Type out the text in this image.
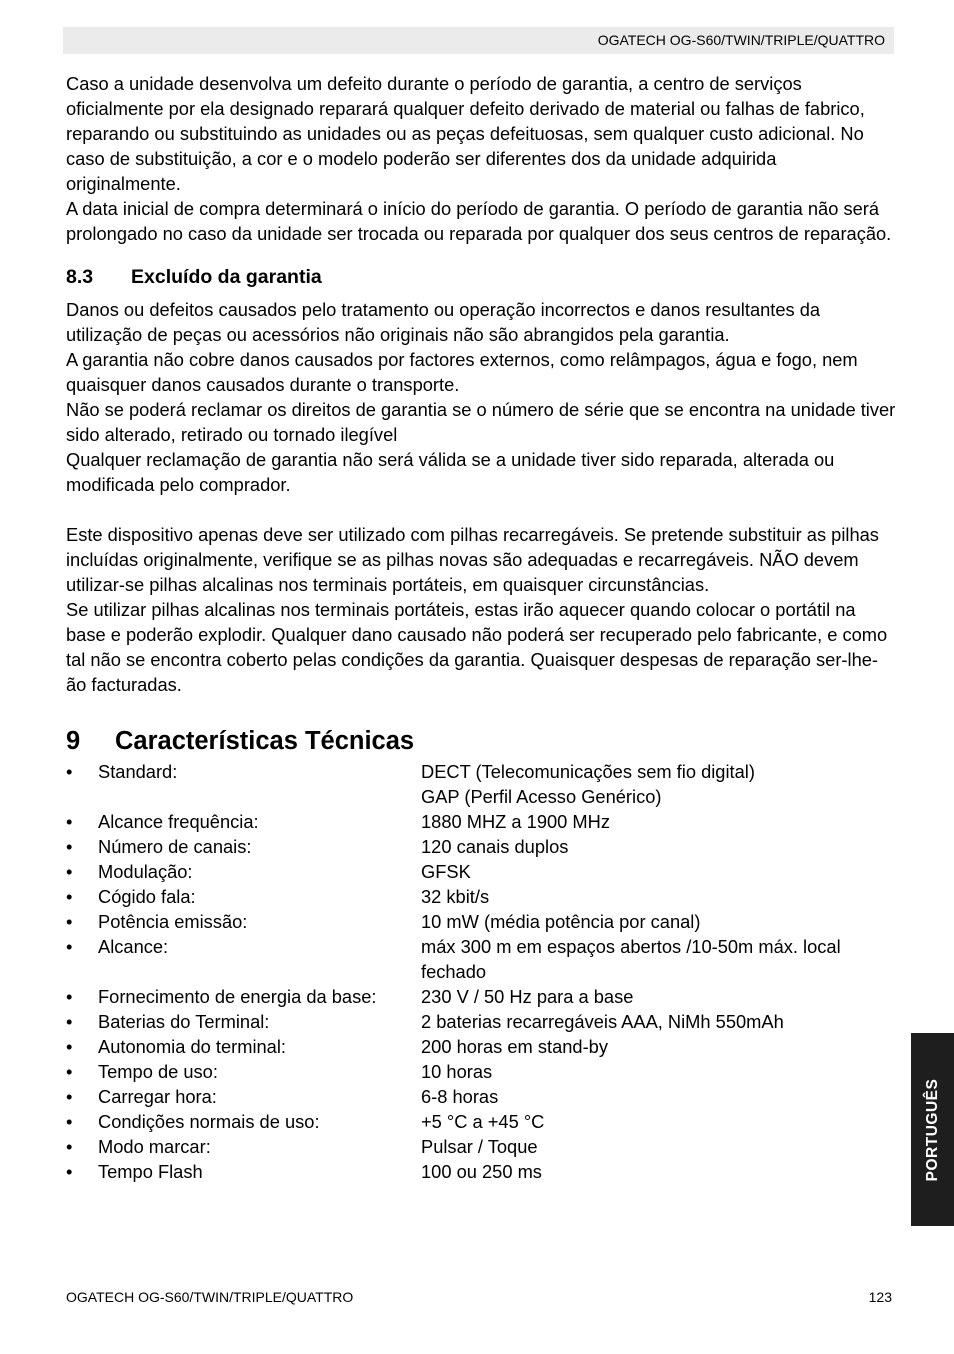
OGATECH OG-S60/TWIN/TRIPLE/QUATTRO

Caso a unidade desenvolva um defeito durante o período de garantia, a centro de serviços oficialmente por ela designado reparará qualquer defeito derivado de material ou falhas de fabrico, reparando ou substituindo as unidades ou as peças defeituosas, sem qualquer custo adicional. No caso de substituição, a cor e o modelo poderão ser diferentes dos da unidade adquirida originalmente.

A data inicial de compra determinará o início do período de garantia. O período de garantia não será prolongado no caso da unidade ser trocada ou reparada por qualquer dos seus centros de reparação.

8.3 Excluído da garantia

Danos ou defeitos causados pelo tratamento ou operação incorrectos e danos resultantes da utilização de peças ou acessórios não originais não são abrangidos pela garantia.

A garantia não cobre danos causados por factores externos, como relâmpagos, água e fogo, nem quaisquer danos causados durante o transporte.

Não se poderá reclamar os direitos de garantia se o número de série que se encontra na unidade tiver sido alterado, retirado ou tornado ilegível

Qualquer reclamação de garantia não será válida se a unidade tiver sido reparada, alterada ou modificada pelo comprador.

Este dispositivo apenas deve ser utilizado com pilhas recarregáveis. Se pretende substituir as pilhas incluídas originalmente, verifique se as pilhas novas são adequadas e recarregáveis. NÃO devem utilizar-se pilhas alcalinas nos terminais portáteis, em quaisquer circunstâncias.

Se utilizar pilhas alcalinas nos terminais portáteis, estas irão aquecer quando colocar o portátil na base e poderão explodir. Qualquer dano causado não poderá ser recuperado pelo fabricante, e como tal não se encontra coberto pelas condições da garantia. Quaisquer despesas de reparação ser-lhe-ão facturadas.

9 Características Técnicas
•	Standard:	DECT (Telecomunicações sem fio digital)
GAP (Perfil Acesso Genérico)
•	Alcance frequência:	1880 MHZ a 1900 MHz
•	Número de canais:	120 canais duplos
•	Modulação:	GFSK
•	Cógido fala:	32 kbit/s
•	Potência emissão:	10 mW (média potência por canal)
•	Alcance:	máx 300 m em espaços abertos /10-50m máx. local fechado
•	Fornecimento de energia da base:	230 V / 50 Hz para a base
•	Baterias do Terminal:	2 baterias recarregáveis AAA, NiMh 550mAh
•	Autonomia do terminal:	200 horas em stand-by
•	Tempo de uso:	10 horas
•	Carregar hora:	6-8 horas
•	Condições normais de uso:	+5 °C a +45 °C
•	Modo marcar:	Pulsar / Toque
•	Tempo Flash	100 ou 250 ms	PORTUGUÊS
OGATECH OG-S60/TWIN/TRIPLE/QUATTRO	123
